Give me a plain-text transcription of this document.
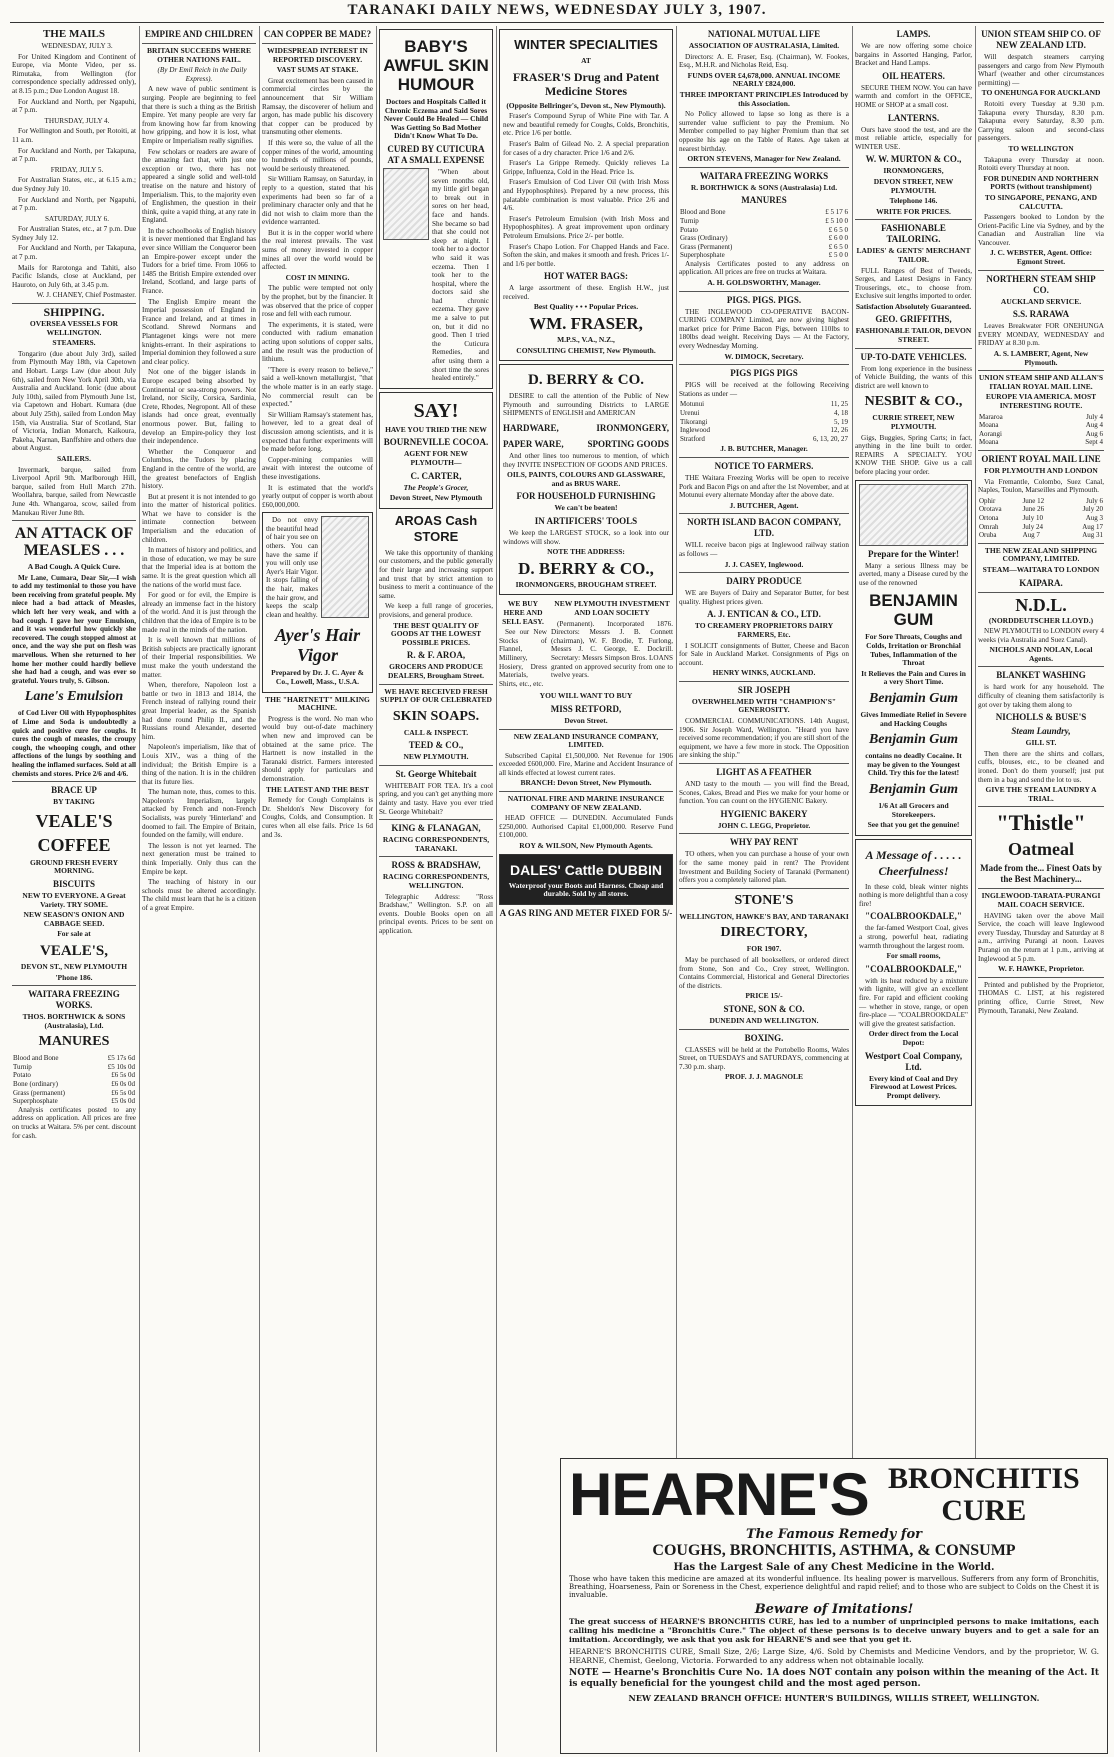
TARANAKI DAILY NEWS, WEDNESDAY JULY 3, 1907.
THE MAILS
WEDNESDAY, JULY 3.
For United Kingdom and Continent of Europe, via Monte Video, per ss. Rimutaka, from Wellington (for correspondence specially addressed only), at 8.15 p.m.; Due London August 18.
For Auckland and North, per Ngapuhi, at 7 p.m.
THURSDAY, JULY 4.
For Wellington and South, per Rotoiti, at 11 a.m.
For Auckland and North, per Takapuna, at 7 p.m.
FRIDAY, JULY 5.
For Australian States, etc., at 6.15 a.m.; due Sydney July 10.
For Auckland and North, per Ngapuhi, at 7 p.m.
SATURDAY, JULY 6.
For Australian States, etc., at 7 p.m. Due Sydney July 12.
For Auckland and North, per Takapuna, at 7 p.m.
Mails for Rarotonga and Tahiti, also Pacific Islands, close at Auckland, per Hauroto, on July 6th, at 3.45 p.m.
W. J. CHANEY, Chief Postmaster.
SHIPPING.
OVERSEA VESSELS FOR WELLINGTON.
STEAMERS.
Tongariro (due about July 3rd), sailed from Plymouth May 18th, via Capetown and Hobart. Largs Law (due about July 6th), sailed from New York April 30th, via Australia and Auckland. Ionic (due about July 10th), sailed from Plymouth June 1st, via Capetown and Hobart. Kumara (due about July 25th), sailed from London May 15th, via Australia. Star of Scotland, Star of Victoria, Indian Monarch, Kaikoura, Pakeha, Narnan, Banffshire and others due about August.
SAILERS.
Invermark, barque, sailed from Liverpool April 9th. Marlborough Hill, barque, sailed from Hull March 27th. Woollahra, barque, sailed from Newcastle June 4th. Whangaroa, scow, sailed from Manukau River June 8th.
AN ATTACK OF MEASLES . . .
A Bad Cough. A Quick Cure.
Mr Lane, Cumara, Dear Sir,—I wish to add my testimonial to those you have been receiving from grateful people. My niece had a bad attack of Measles, which left her very weak, and with a bad cough. I gave her your Emulsion, and it was wonderful how quickly she recovered. The cough stopped almost at once, and the way she put on flesh was marvellous. When she returned to her home her mother could hardly believe she had had a cough, and was ever so grateful. Yours truly, S. Gibson.
Lane's Emulsion
of Cod Liver Oil with Hypophosphites of Lime and Soda is undoubtedly a quick and positive cure for coughs. It cures the cough of measles, the croupy cough, the whooping cough, and other affections of the lungs by soothing and healing the inflamed surfaces. Sold at all chemists and stores. Price 2/6 and 4/6.
BRACE UP
BY TAKING
VEALE'S
COFFEE
GROUND FRESH EVERY MORNING.
BISCUITS
NEW TO EVERYONE. A Great Variety. TRY SOME.
NEW SEASON'S ONION AND CABBAGE SEED.
For sale at
VEALE'S,
DEVON ST., NEW PLYMOUTH
'Phone 186.
WAITARA FREEZING WORKS.
THOS. BORTHWICK & SONS (Australasia), Ltd.
MANURES
Blood and Bone	£5 17s 6d
Turnip	£5 10s 0d
Potato	£6 5s 0d
Bone (ordinary)	£6 0s 0d
Grass (permanent)	£6 5s 0d
Superphosphate	£5 0s 0d
Analysis certificates posted to any address on application. All prices are free on trucks at Waitara. 5% per cent. discount for cash.
EMPIRE AND CHILDREN
BRITAIN SUCCEEDS WHERE OTHER NATIONS FAIL.
(By Dr Emil Reich in the Daily Express).
A new wave of public sentiment is surging. People are beginning to feel that there is such a thing as the British Empire. Yet many people are very far from knowing how far from knowing how gripping, and how it is lost, what Empire or Imperialism really signifies.
Few scholars or readers are aware of the amazing fact that, with just one exception or two, there has not appeared a single solid and well-told treatise on the nature and history of Imperialism. This, to the majority even of Englishmen, the question in their think, quite a vapid thing, at any rate in England.
In the schoolbooks of English history it is never mentioned that England has ever since William the Conqueror been an Empire-power except under the Tudors for a brief time. From 1066 to 1485 the British Empire extended over Ireland, Scotland, and large parts of France.
The English Empire meant the Imperial possession of England in France and Ireland, and at times in Scotland. Shrewd Normans and Plantagenet kings were not mere knights-errant. In their aspirations to Imperial dominion they followed a sure and clear policy.
Not one of the bigger islands in Europe escaped being absorbed by Continental or sea-strong powers. Not Ireland, nor Sicily, Corsica, Sardinia, Crete, Rhodes, Negropont. All of these islands had once great, eventually enormous power. But, failing to develop an Empire-policy they lost their independence.
Whether the Conqueror and Columbus, the Tudors by placing England in the centre of the world, are the greatest benefactors of English history.
But at present it is not intended to go into the matter of historical politics. What we have to consider is the intimate connection between Imperialism and the education of children.
In matters of history and politics, and in those of education, we may be sure that the Imperial idea is at bottom the same. It is the great question which all the nations of the world must face.
For good or for evil, the Empire is already an immense fact in the history of the world. And it is just through the children that the idea of Empire is to be made real in the minds of the nation.
It is well known that millions of British subjects are practically ignorant of their Imperial responsibilities. We must make the youth understand the matter.
When, therefore, Napoleon lost a battle or two in 1813 and 1814, the French instead of rallying round their great Imperial leader, as the Spanish had done round Philip II., and the Russians round Alexander, deserted him.
Napoleon's imperialism, like that of Louis XIV., was a thing of the individual; the British Empire is a thing of the nation. It is in the children that its future lies.
The human note, thus, comes to this. Napoleon's Imperialism, largely attacked by French and non-French Socialists, was purely 'Hinterland' and doomed to fail. The Empire of Britain, founded on the family, will endure.
The lesson is not yet learned. The next generation must be trained to think Imperially. Only thus can the Empire be kept.
The teaching of history in our schools must be altered accordingly. The child must learn that he is a citizen of a great Empire.
CAN COPPER BE MADE?
WIDESPREAD INTEREST IN REPORTED DISCOVERY.
VAST SUMS AT STAKE.
Great excitement has been caused in commercial circles by the announcement that Sir William Ramsay, the discoverer of helium and argon, has made public his discovery that copper can be produced by transmuting other elements.
If this were so, the value of all the copper mines of the world, amounting to hundreds of millions of pounds, would be seriously threatened.
Sir William Ramsay, on Saturday, in reply to a question, stated that his experiments had been so far of a preliminary character only and that he did not wish to claim more than the evidence warranted.
But it is in the copper world where the real interest prevails. The vast sums of money invested in copper mines all over the world would be affected.
COST IN MINING.
The public were tempted not only by the prophet, but by the financier. It was observed that the price of copper rose and fell with each rumour.
The experiments, it is stated, were conducted with radium emanation acting upon solutions of copper salts, and the result was the production of lithium.
"There is every reason to believe," said a well-known metallurgist, "that the whole matter is in an early stage. No commercial result can be expected."
Sir William Ramsay's statement has, however, led to a great deal of discussion among scientists, and it is expected that further experiments will be made before long.
Copper-mining companies will await with interest the outcome of these investigations.
It is estimated that the world's yearly output of copper is worth about £60,000,000.
Do not envy the beautiful head of hair you see on others. You can have the same if you will only use Ayer's Hair Vigor. It stops falling of the hair, makes the hair grow, and keeps the scalp clean and healthy.
Ayer's Hair Vigor
Prepared by Dr. J. C. Ayer & Co., Lowell, Mass., U.S.A.
THE "HARTNETT" MILKING MACHINE.
Progress is the word. No man who would buy out-of-date machinery when new and improved can be obtained at the same price. The Hartnett is now installed in the Taranaki district. Farmers interested should apply for particulars and demonstration.
THE LATEST AND THE BEST
Remedy for Cough Complaints is Dr. Sheldon's New Discovery for Coughs, Colds, and Consumption. It cures when all else fails. Price 1s 6d and 3s.
BABY'S AWFUL SKIN HUMOUR
Doctors and Hospitals Called it Chronic Eczema and Said Sores Never Could Be Healed — Child Was Getting So Bad Mother Didn't Know What To Do.
CURED BY CUTICURA AT A SMALL EXPENSE
"When about seven months old, my little girl began to break out in sores on her head, face and hands. She became so bad that she could not sleep at night. I took her to a doctor who said it was eczema. Then I took her to the hospital, where the doctors said she had chronic eczema. They gave me a salve to put on, but it did no good. Then I tried the Cuticura Remedies, and after using them a short time the sores healed entirely."
SAY!
HAVE YOU TRIED THE NEW
BOURNEVILLE COCOA.
AGENT FOR NEW PLYMOUTH—
C. CARTER,
The People's Grocer,
Devon Street, New Plymouth
AROAS Cash STORE
We take this opportunity of thanking our customers, and the public generally for their large and increasing support and trust that by strict attention to business to merit a continuance of the same.
We keep a full range of groceries, provisions, and general produce.
THE BEST QUALITY OF GOODS AT THE LOWEST POSSIBLE PRICES.
R. & F. AROA,
GROCERS AND PRODUCE DEALERS, Brougham Street.
WE HAVE RECEIVED FRESH SUPPLY OF OUR CELEBRATED
SKIN SOAPS.
CALL & INSPECT.
TEED & CO.,
NEW PLYMOUTH.
St. George Whitebait
WHITEBAIT FOR TEA. It's a cool spring, and you can't get anything more dainty and tasty. Have you ever tried St. George Whitebait?
KING & FLANAGAN,
RACING CORRESPONDENTS, TARANAKI.
ROSS & BRADSHAW,
RACING CORRESPONDENTS, WELLINGTON.
Telegraphic Address: "Ross Bradshaw," Wellington. S.P. on all events. Double Books open on all principal events. Prices to be sent on application.
WINTER SPECIALITIES
AT
FRASER'S Drug and Patent Medicine Stores
(Opposite Bellringer's, Devon st., New Plymouth).
Fraser's Compound Syrup of White Pine with Tar. A new and beautiful remedy for Coughs, Colds, Bronchitis, etc. Price 1/6 per bottle.
Fraser's Balm of Gilead No. 2. A special preparation for cases of a dry character. Price 1/6 and 2/6.
Fraser's La Grippe Remedy. Quickly relieves La Grippe, Influenza, Cold in the Head. Price 1s.
Fraser's Emulsion of Cod Liver Oil (with Irish Moss and Hypophosphites). Prepared by a new process, this palatable combination is most valuable. Price 2/6 and 4/6.
Fraser's Petroleum Emulsion (with Irish Moss and Hypophosphites). A great improvement upon ordinary Petroleum Emulsions. Price 2/- per bottle.
Fraser's Chapo Lotion. For Chapped Hands and Face. Soften the skin, and makes it smooth and fresh. Prices 1/- and 1/6 per bottle.
HOT WATER BAGS:
A large assortment of these. English H.W., just received.
Best Quality • • • Popular Prices.
WM. FRASER,
M.P.S., V.A., N.Z.,
CONSULTING CHEMIST, New Plymouth.
D. BERRY & CO.
DESIRE to call the attention of the Public of New Plymouth and surrounding Districts to LARGE SHIPMENTS of ENGLISH and AMERICAN
HARDWARE,	IRONMONGERY,
PAPER WARE,	SPORTING GOODS
And other lines too numerous to mention, of which they INVITE INSPECTION OF GOODS AND PRICES.
OILS, PAINTS, COLOURS AND GLASSWARE, and as BRUS WARE.
FOR HOUSEHOLD FURNISHING
We can't be beaten!
IN ARTIFICERS' TOOLS
We keep the LARGEST STOCK, so a look into our windows will show.
NOTE THE ADDRESS:
D. BERRY & CO.,
IRONMONGERS, BROUGHAM STREET.
WE BUY HERE AND SELL EASY.
See our New Stocks of Flannel, Millinery, Hosiery, Dress Materials, Shirts, etc., etc.
NEW PLYMOUTH INVESTMENT AND LOAN SOCIETY
(Permanent). Incorporated 1876. Directors: Messrs J. B. Connett (chairman), W. F. Brodie, T. Furlong, Messrs J. C. George, E. Dockrill. Secretary: Messrs Simpson Bros. LOANS granted on approved security from one to twelve years.
YOU WILL WANT TO BUY
MISS RETFORD,
Devon Street.
NEW ZEALAND INSURANCE COMPANY, LIMITED.
Subscribed Capital £1,500,000. Net Revenue for 1906 exceeded £600,000. Fire, Marine and Accident Insurance of all kinds effected at lowest current rates.
BRANCH: Devon Street, New Plymouth.
NATIONAL FIRE AND MARINE INSURANCE COMPANY OF NEW ZEALAND.
HEAD OFFICE — DUNEDIN. Accumulated Funds £250,000. Authorised Capital £1,000,000. Reserve Fund £100,000.
ROY & WILSON, New Plymouth Agents.
DALES' Cattle DUBBIN
Waterproof your Boots and Harness. Cheap and durable. Sold by all stores.
A GAS RING AND METER FIXED FOR 5/-
NATIONAL MUTUAL LIFE
ASSOCIATION OF AUSTRALASIA, Limited.
Directors: A. E. Fraser, Esq. (Chairman), W. Fookes, Esq., M.H.R. and Nicholas Reid, Esq.
FUNDS OVER £4,678,000. ANNUAL INCOME NEARLY £824,000.
THREE IMPORTANT PRINCIPLES Introduced by this Association.
No Policy allowed to lapse so long as there is a surrender value sufficient to pay the Premium. No Member compelled to pay higher Premium than that set opposite his age on the Table of Rates. Age taken at nearest birthday.
ORTON STEVENS, Manager for New Zealand.
WAITARA FREEZING WORKS
R. BORTHWICK & SONS (Australasia) Ltd.
MANURES
Blood and Bone	£ 5 17 6
Turnip	£ 5 10 0
Potato	£ 6 5 0
Grass (Ordinary)	£ 6 0 0
Grass (Permanent)	£ 6 5 0
Superphosphate	£ 5 0 0
Analysis Certificates posted to any address on application. All prices are free on trucks at Waitara.
A. H. GOLDSWORTHY, Manager.
PIGS. PIGS. PIGS.
THE INGLEWOOD CO-OPERATIVE BACON-CURING COMPANY Limited, are now giving highest market price for Prime Bacon Pigs, between 110lbs to 180lbs dead weight. Receiving Days — At the Factory, every Wednesday Morning.
W. DIMOCK, Secretary.
PIGS PIGS PIGS
PIGS will be received at the following Receiving Stations as under —
Motunui	11, 25
Urenui	4, 18
Tikorangi	5, 19
Inglewood	12, 26
Stratford	6, 13, 20, 27
J. B. BUTCHER, Manager.
NOTICE TO FARMERS.
THE Waitara Freezing Works will be open to receive Pork and Bacon Pigs on and after the 1st November, and at Motunui every alternate Monday after the above date.
J. BUTCHER, Agent.
NORTH ISLAND BACON COMPANY, LTD.
WILL receive bacon pigs at Inglewood railway station as follows —
J. J. CASEY, Inglewood.
DAIRY PRODUCE
WE are Buyers of Dairy and Separator Butter, for best quality. Highest prices given.
A. J. ENTICAN & CO., LTD.
TO CREAMERY PROPRIETORS DAIRY FARMERS, Etc.
I SOLICIT consignments of Butter, Cheese and Bacon for Sale in Auckland Market. Consignments of Pigs on account.
HENRY WINKS, AUCKLAND.
SIR JOSEPH
OVERWHELMED WITH "CHAMPION'S" GENEROSITY.
COMMERCIAL COMMUNICATIONS. 14th August, 1906. Sir Joseph Ward, Wellington. "Heard you have received some recommendation; if you are still short of the equipment, we have a few more in stock. The Opposition are sinking the ship."
LIGHT AS A FEATHER
AND tasty to the mouth — you will find the Bread, Scones, Cakes, Bread and Pies we make for your home or function. You can count on the HYGIENIC Bakery.
HYGIENIC BAKERY
JOHN C. LEGG, Proprietor.
WHY PAY RENT
TO others, when you can purchase a house of your own for the same money paid in rent? The Provident Investment and Building Society of Taranaki (Permanent) offers you a completely tailored plan.
STONE'S
WELLINGTON, HAWKE'S BAY, AND TARANAKI
DIRECTORY,
FOR 1907.
May be purchased of all booksellers, or ordered direct from Stone, Son and Co., Crey street, Wellington. Contains Commercial, Historical and General Directories of the districts.
PRICE 15/-
STONE, SON & CO.
DUNEDIN AND WELLINGTON.
BOXING.
CLASSES will be held at the Portobello Rooms, Wales Street, on TUESDAYS and SATURDAYS, commencing at 7.30 p.m. sharp.
PROF. J. J. MAGNOLE
LAMPS.
We are now offering some choice bargains in Assorted Hanging, Parlor, Bracket and Hand Lamps.
OIL HEATERS.
SECURE THEM NOW. You can have warmth and comfort in the OFFICE, HOME or SHOP at a small cost.
LANTERNS.
Ours have stood the test, and are the most reliable article, especially for WINTER USE.
W. W. MURTON & CO.,
IRONMONGERS,
DEVON STREET, NEW PLYMOUTH.
Telephone 146.
WRITE FOR PRICES.
FASHIONABLE TAILORING.
LADIES' & GENTS' MERCHANT TAILOR.
FULL Ranges of Best of Tweeds, Serges, and Latest Designs in Fancy Trouserings, etc., to choose from. Exclusive suit lengths imported to order.
Satisfaction Absolutely Guaranteed.
GEO. GRIFFITHS,
FASHIONABLE TAILOR, DEVON STREET.
UP-TO-DATE VEHICLES.
From long experience in the business of Vehicle Building, the wants of this district are well known to
NESBIT & CO.,
CURRIE STREET, NEW PLYMOUTH.
Gigs, Buggies, Spring Carts; in fact, anything in the line built to order. REPAIRS A SPECIALTY. YOU KNOW THE SHOP. Give us a call before placing your order.
Prepare for the Winter!
Many a serious Illness may be averted, many a Disease cured by the use of the renowned
BENJAMIN GUM
For Sore Throats, Coughs and Colds, Irritation or Bronchial Tubes, Inflammation of the Throat
It Relieves the Pain and Cures in a very Short Time.
Benjamin Gum
Gives Immediate Relief in Severe and Hacking Coughs
Benjamin Gum
contains no deadly Cocaine. It may be given to the Youngest Child. Try this for the latest!
Benjamin Gum
1/6 At all Grocers and Storekeepers.
See that you get the genuine!
A Message of . . . . . Cheerfulness!
In these cold, bleak winter nights nothing is more delightful than a cosy fire!
"COALBROOKDALE,"
the far-famed Westport Coal, gives a strong, powerful heat, radiating warmth throughout the largest room.
For small rooms,
"COALBROOKDALE,"
with its heat reduced by a mixture with lignite, will give an excellent fire. For rapid and efficient cooking — whether in stove, range, or open fire-place — "COALBROOKDALE" will give the greatest satisfaction.
Order direct from the Local Depot:
Westport Coal Company, Ltd.
Every kind of Coal and Dry Firewood at Lowest Prices. Prompt delivery.
UNION STEAM SHIP CO. OF NEW ZEALAND LTD.
Will despatch steamers carrying passengers and cargo from New Plymouth Wharf (weather and other circumstances permitting) —
TO ONEHUNGA FOR AUCKLAND
Rotoiti every Tuesday at 9.30 p.m. Takapuna every Thursday, 8.30 p.m. Takapuna every Saturday, 8.30 p.m. Carrying saloon and second-class passengers.
TO WELLINGTON
Takapuna every Thursday at noon. Rotoiti every Thursday at noon.
FOR DUNEDIN AND NORTHERN PORTS (without transhipment)
TO SINGAPORE, PENANG, AND CALCUTTA.
Passengers booked to London by the Orient-Pacific Line via Sydney, and by the Canadian and Australian line via Vancouver.
J. C. WEBSTER, Agent. Office: Egmont Street.
NORTHERN STEAM SHIP CO.
AUCKLAND SERVICE.
S.S. RARAWA
Leaves Breakwater FOR ONEHUNGA EVERY MONDAY, WEDNESDAY and FRIDAY at 8.30 p.m.
A. S. LAMBERT, Agent, New Plymouth.
UNION STEAM SHIP AND ALLAN'S ITALIAN ROYAL MAIL LINE.
EUROPE VIA AMERICA. MOST INTERESTING ROUTE.
Mararoa	July 4
Moana	Aug 4
Aorangi	Aug 6
Moana	Sept 4
ORIENT ROYAL MAIL LINE
FOR PLYMOUTH AND LONDON
Via Fremantle, Colombo, Suez Canal, Naples, Toulon, Marseilles and Plymouth.
Ophir	June 12	July 6
Orotava	June 26	July 20
Ortona	July 10	Aug 3
Omrah	July 24	Aug 17
Oruba	Aug 7	Aug 31
THE NEW ZEALAND SHIPPING COMPANY, LIMITED.
STEAM—WAITARA TO LONDON
KAIPARA.
N.D.L.
(NORDDEUTSCHER LLOYD.)
NEW PLYMOUTH to LONDON every 4 weeks (via Australia and Suez Canal).
NICHOLS AND NOLAN, Local Agents.
BLANKET WASHING
is hard work for any household. The difficulty of cleaning them satisfactorily is got over by taking them along to
NICHOLLS & BUSE'S
Steam Laundry,
GILL ST.
Then there are the shirts and collars, cuffs, blouses, etc., to be cleaned and ironed. Don't do them yourself; just put them in a bag and send the lot to us.
GIVE THE STEAM LAUNDRY A TRIAL.
"Thistle"
Oatmeal
Made from the... Finest Oats by the Best Machinery...
INGLEWOOD-TARATA-PURANGI MAIL COACH SERVICE.
HAVING taken over the above Mail Service, the coach will leave Inglewood every Tuesday, Thursday and Saturday at 8 a.m., arriving Purangi at noon. Leaves Purangi on the return at 1 p.m., arriving at Inglewood at 5 p.m.
W. F. HAWKE, Proprietor.
Printed and published by the Proprietor, THOMAS C. LIST, at his registered printing office, Currie Street, New Plymouth, Taranaki, New Zealand.
HEARNE'S BRONCHITIS CURE
The Famous Remedy for
COUGHS, BRONCHITIS, ASTHMA, & CONSUMP
Has the Largest Sale of any Chest Medicine in the World.
Those who have taken this medicine are amazed at its wonderful influence. Its healing power is marvellous. Sufferers from any form of Bronchitis, Breathing, Hoarseness, Pain or Soreness in the Chest, experience delightful and rapid relief; and to those who are subject to Colds on the Chest it is invaluable.
Beware of Imitations!
The great success of HEARNE'S BRONCHITIS CURE, has led to a number of unprincipled persons to make imitations, each calling his medicine a "Bronchitis Cure." The object of these persons is to deceive unwary buyers and to get a sale for an imitation. Accordingly, we ask that you ask for HEARNE'S and see that you get it.
HEARNE'S BRONCHITIS CURE, Small Size, 2/6; Large Size, 4/6. Sold by Chemists and Medicine Vendors, and by the proprietor, W. G. HEARNE, Chemist, Geelong, Victoria. Forwarded to any address when not obtainable locally.
NOTE — Hearne's Bronchitis Cure No. 1A does NOT contain any poison within the meaning of the Act. It is equally beneficial for the youngest child and the most aged person.
NEW ZEALAND BRANCH OFFICE: HUNTER'S BUILDINGS, WILLIS STREET, WELLINGTON.
